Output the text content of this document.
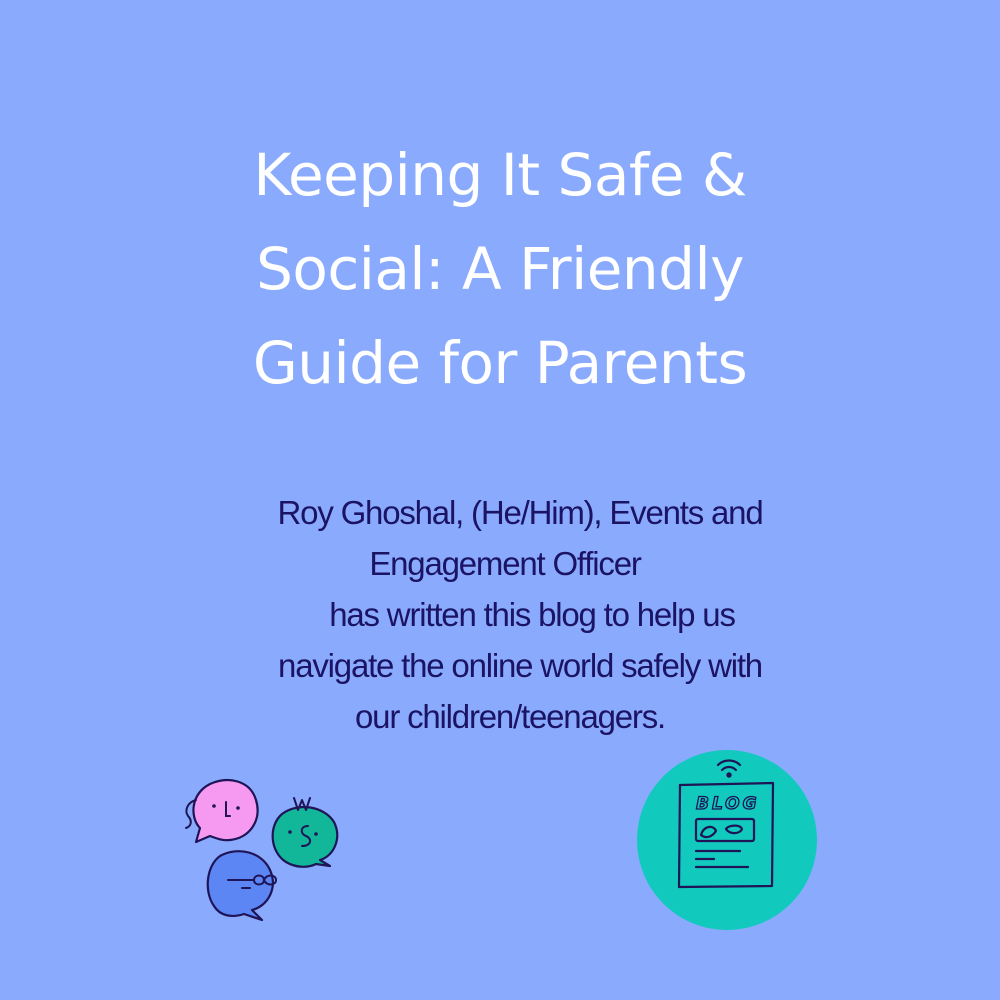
Keeping It Safe &
Social: A Friendly
Guide for Parents
Roy Ghoshal, (He/Him), Events and
Engagement Officer
has written this blog to help us
navigate the online world safely with
our children/teenagers.
BLOG
